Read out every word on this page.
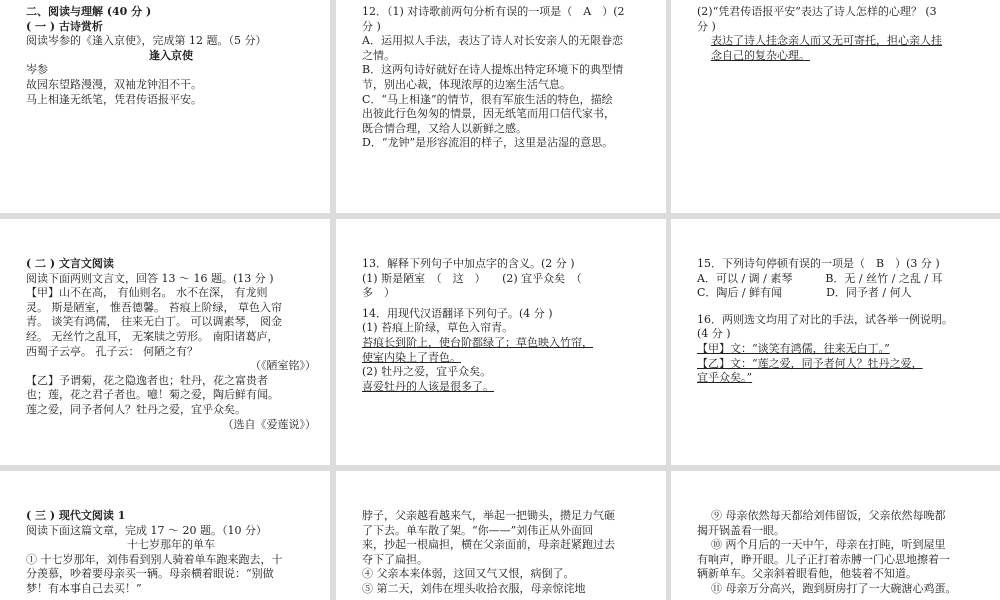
二、阅读与理解 (40 分 )
( 一 ) 古诗赏析
阅读岑参的《逢入京使》，完成第 12 题。（5 分）
逢入京使
岑参
故园东望路漫漫，双袖龙钟泪不干。
马上相逢无纸笔，凭君传语报平安。
12．（1) 对诗歌前两句分析有误的一项是（　A　）(2
分 )
A．运用拟人手法，表达了诗人对长安亲人的无限眷恋
之情。
B．这两句诗好就好在诗人提炼出特定环境下的典型情
节，别出心裁，体现浓厚的边塞生活气息。
C．“马上相逢”的情节，很有军旅生活的特色，描绘
出彼此行色匆匆的情景，因无纸笔而用口信代家书，
既合情合理，又给人以新鲜之感。
D．“龙钟”是形容流泪的样子，这里是沾湿的意思。
(2)“凭君传语报平安”表达了诗人怎样的心理？ (3
分 )
表达了诗人挂念亲人而又无可寄托，担心亲人挂
念自己的复杂心理。
( 二 ) 文言文阅读
阅读下面两则文言文，回答 13 ～ 16 题。(13 分 )
【甲】山不在高， 有仙则名。 水不在深， 有龙则
灵。 斯是陋室， 惟吾德馨。 苔痕上阶绿， 草色入帘
青。 谈笑有鸿儒， 往来无白丁。 可以调素琴， 阅金
经。 无丝竹之乱耳， 无案牍之劳形。 南阳诸葛庐，
西蜀子云亭。 孔子云： 何陋之有？
（《陋室铭》）
【乙】予谓菊，花之隐逸者也；牡丹，花之富贵者
也；莲，花之君子者也。噫！菊之爱，陶后鲜有闻。
莲之爱，同予者何人？牡丹之爱，宜乎众矣。
（选自《爱莲说》）
13．解释下列句子中加点字的含义。(2 分 )
(1) 斯是陋室　（　这　）　　(2) 宜乎众矣　（
多　）
14．用现代汉语翻译下列句子。(4 分 )
(1) 苔痕上阶绿，草色入帘青。
苔痕长到阶上，使台阶都绿了；草色映入竹帘，
使室内染上了青色。
(2) 牡丹之爱，宜乎众矣。
喜爱牡丹的人该是很多了。
15．下列诗句停顿有误的一项是（　B　）(3 分 )
A．可以 / 调 / 素琴　　　B．无 / 丝竹 / 之乱 / 耳
C．陶后 / 鲜有闻　　　　D．同予者 / 何人
16．两则选文均用了对比的手法，试各举一例说明。
(4 分 )
【甲】文：“谈笑有鸿儒，往来无白丁。”
【乙】文：“莲之爱，同予者何人？牡丹之爱，
宜乎众矣。”
( 三 ) 现代文阅读 1
阅读下面这篇文章，完成 17 ～ 20 题。（10 分）
十七岁那年的单车
① 十七岁那年，刘伟看到别人骑着单车跑来跑去，十
分羡慕，吵着要母亲买一辆。母亲横着眼说：“别做
梦！有本事自己去买！”
脖子，父亲越看越来气，举起一把锄头，攒足力气砸
了下去。单车散了架。“你——”刘伟正从外面回
来，抄起一根扁担，横在父亲面前，母亲赶紧跑过去
夺下了扁担。
④ 父亲本来体弱，这回又气又恨，病倒了。
⑤ 第二天，刘伟在埋头收拾衣服，母亲惊诧地
⑨ 母亲依然每天都给刘伟留饭，父亲依然每晚都
揭开锅盖看一眼。
⑩ 两个月后的一天中午，母亲在打盹，听到屋里
有响声，睁开眼。儿子正打着赤膊一门心思地擦着一
辆新单车。父亲斜着眼看他，他装着不知道。
⑪ 母亲万分高兴，跑到厨房打了一大碗溏心鸡蛋。
